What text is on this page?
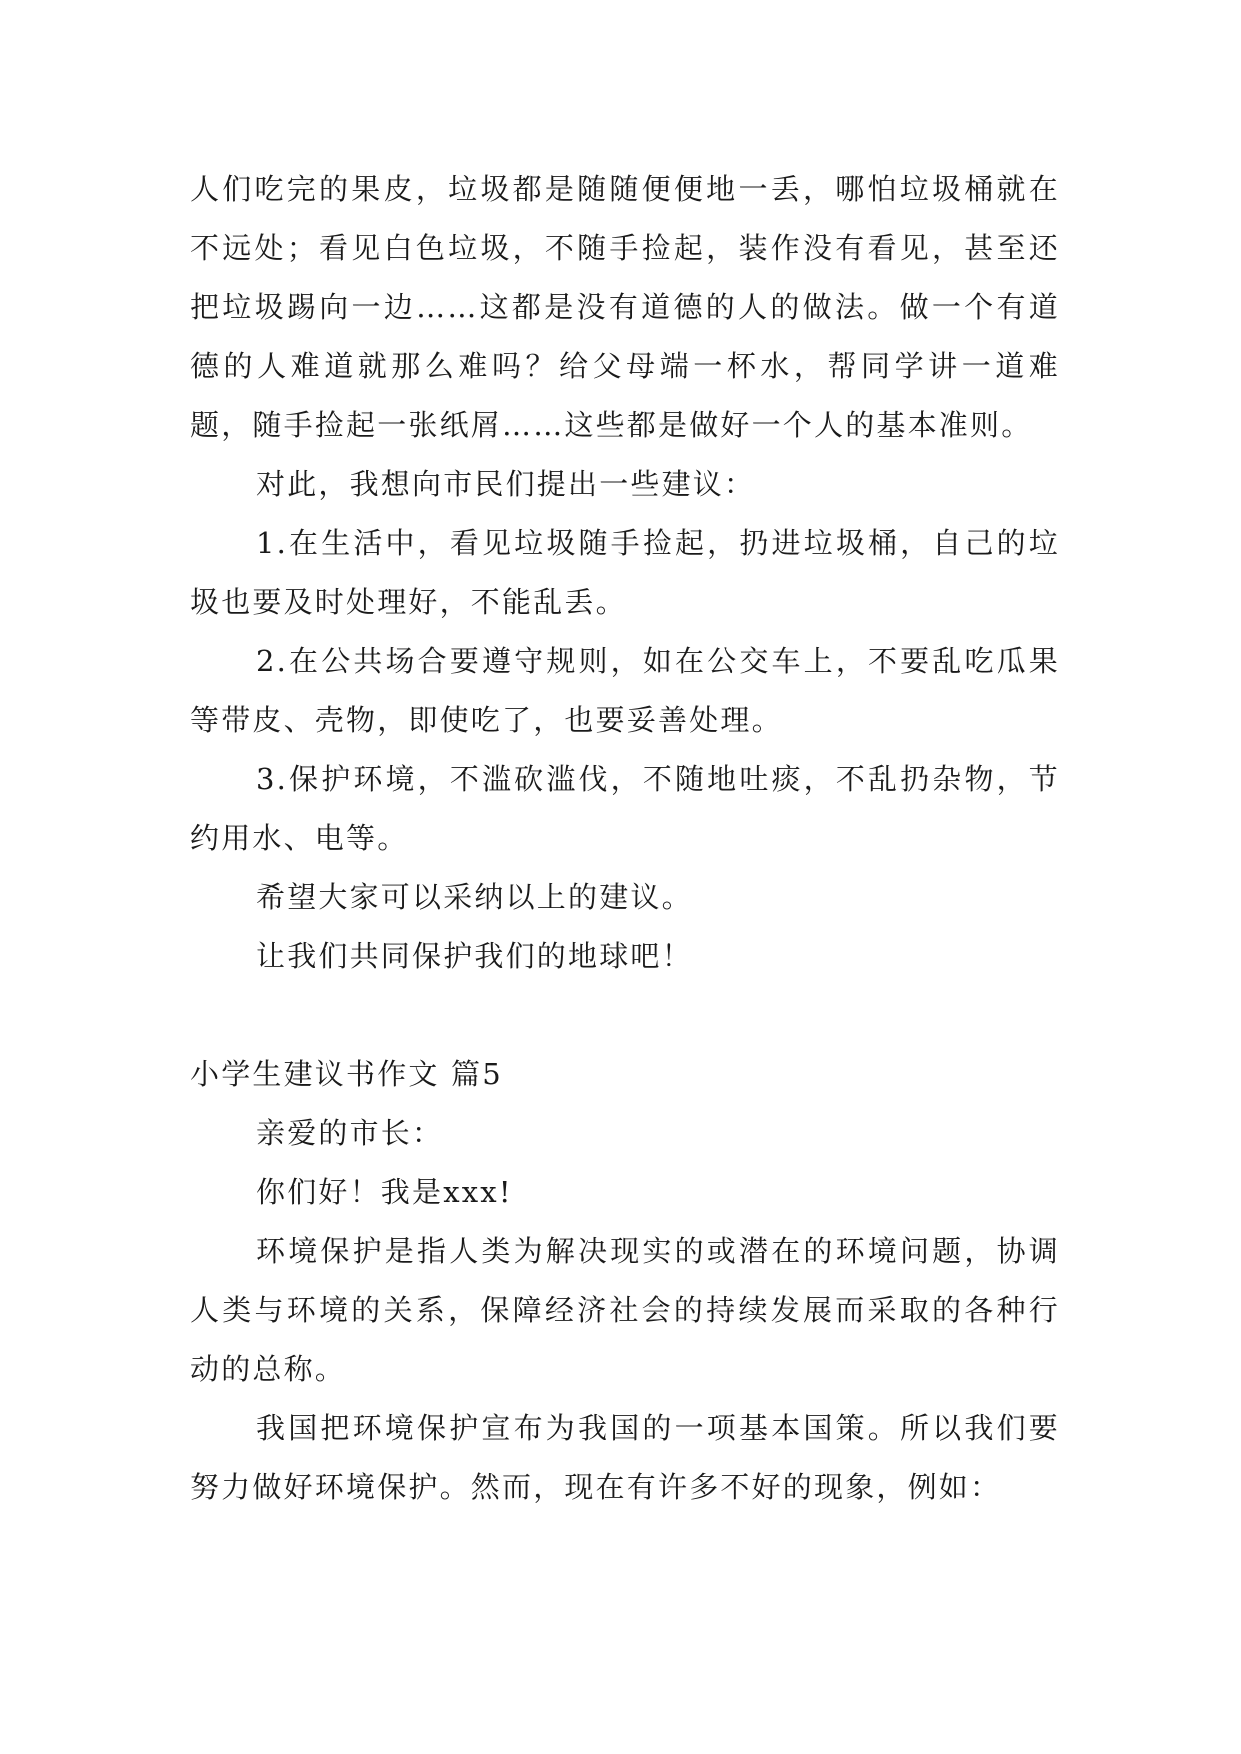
人们吃完的果皮，垃圾都是随随便便地一丢，哪怕垃圾桶就在不远处；看见白色垃圾，不随手捡起，装作没有看见，甚至还把垃圾踢向一边……这都是没有道德的人的做法。做一个有道德的人难道就那么难吗？给父母端一杯水，帮同学讲一道难题，随手捡起一张纸屑……这些都是做好一个人的基本准则。

对此，我想向市民们提出一些建议：

1.在生活中，看见垃圾随手捡起，扔进垃圾桶，自己的垃圾也要及时处理好，不能乱丢。

2.在公共场合要遵守规则，如在公交车上，不要乱吃瓜果等带皮、壳物，即使吃了，也要妥善处理。

3.保护环境，不滥砍滥伐，不随地吐痰，不乱扔杂物，节约用水、电等。

希望大家可以采纳以上的建议。

让我们共同保护我们的地球吧！

小学生建议书作文 篇5

亲爱的市长：

你们好！我是xxx!

环境保护是指人类为解决现实的或潜在的环境问题，协调人类与环境的关系，保障经济社会的持续发展而采取的各种行动的总称。

我国把环境保护宣布为我国的一项基本国策。所以我们要努力做好环境保护。然而，现在有许多不好的现象，例如：
